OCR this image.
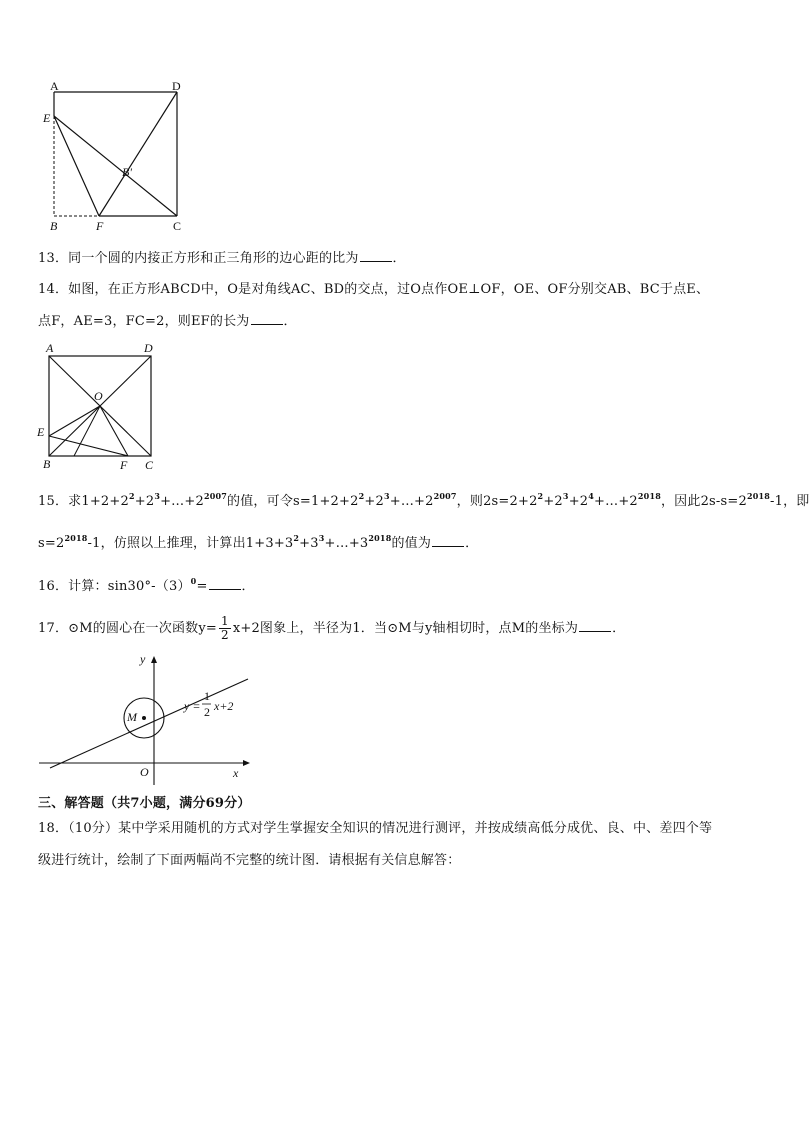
A	D
E
B'
B	F	C
13．同一个圆的内接正方形和正三角形的边心距的比为	．
14．如图，在正方形ABCD中，O是对角线AC、BD的交点，过O点作OE⊥OF，OE、OF分别交AB、BC于点E、
点F，AE=3，FC=2，则EF的长为	．
A	D
O
E
B	F C
15．求$1+2+2^2+2^3+\dots+2^{2007}$的值，可令$s=1+2+2^2+2^3+\dots+2^{2007}$，则$2s=2+2^2+2^3+2^4+\dots+2^{2018}$，因此$2s-s=2^{2018}-1$，即
$s=2^{2018}-1$，仿照以上推理，计算出$1+3+3^2+3^3+\dots+3^{2018}$的值为	．
16．计算：$\sin 30^\circ-(3)^0=$	．
17．⊙M的圆心在一次函数$y= \frac{1}{2} x+2$图象上，半径为1．当⊙M与y轴相切时，点M的坐标为	．
y
x
O
M
y =
1
2 x+2
三、解答题（共7小题，满分69分）
18．（10分）某中学采用随机的方式对学生掌握安全知识的情况进行测评，并按成绩高低分成优、良、中、差四个等
级进行统计，绘制了下面两幅尚不完整的统计图．请根据有关信息解答：
